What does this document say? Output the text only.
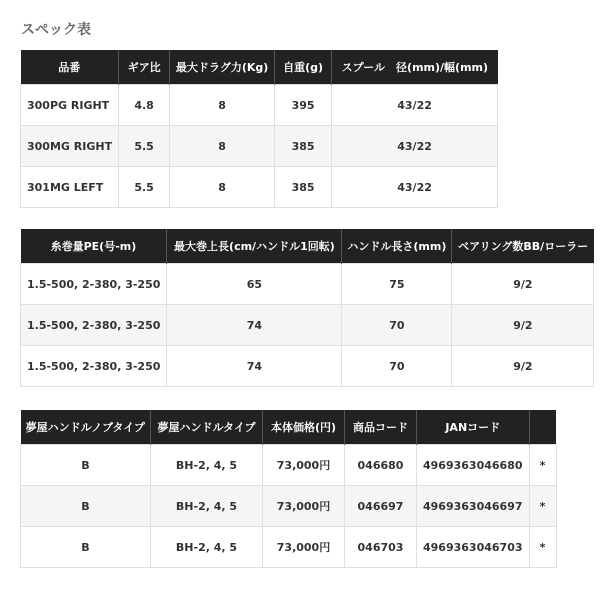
スペック表
品番	ギア比	最大ドラグ力(Kg)	自重(g)	スプール　径(mm)/幅(mm)
300PG RIGHT	4.8	8	395	43/22
300MG RIGHT	5.5	8	385	43/22
301MG LEFT	5.5	8	385	43/22
糸巻量PE(号-m)	最大巻上長(cm/ハンドル1回転)	ハンドル長さ(mm)	ベアリング数BB/ローラー
1.5-500, 2-380, 3-250	65	75	9/2
1.5-500, 2-380, 3-250	74	70	9/2
1.5-500, 2-380, 3-250	74	70	9/2
夢屋ハンドルノブタイプ	夢屋ハンドルタイプ	本体価格(円)	商品コード	JANコード	
B	BH-2, 4, 5	73,000円	046680	4969363046680	*
B	BH-2, 4, 5	73,000円	046697	4969363046697	*
B	BH-2, 4, 5	73,000円	046703	4969363046703	*
